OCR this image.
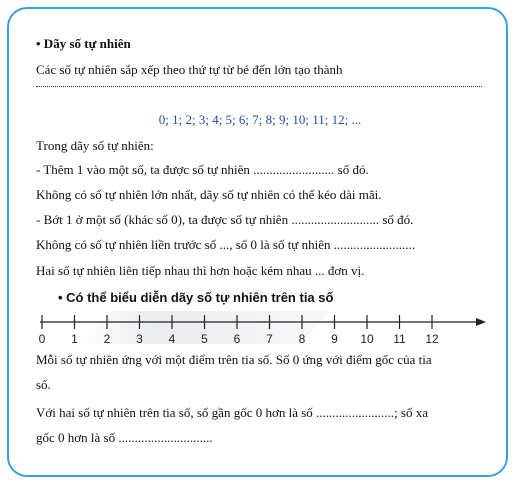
• Dãy số tự nhiên
Các số tự nhiên sắp xếp theo thứ tự từ bé đến lớn tạo thành
0; 1; 2; 3; 4; 5; 6; 7; 8; 9; 10; 11; 12; ...
Trong dãy số tự nhiên:
- Thêm 1 vào một số, ta được số tự nhiên ......................... số đó.
Không có số tự nhiên lớn nhất, dãy số tự nhiên có thể kéo dài mãi.
- Bớt 1 ở một số (khác số 0), ta được số tự nhiên ........................... số đó.
Không có số tự nhiên liền trước số ..., số 0 là số tự nhiên .........................
Hai số tự nhiên liên tiếp nhau thì hơn hoặc kém nhau ... đơn vị.
• Có thể biểu diễn dãy số tự nhiên trên tia số
0 1 2 3 4 5 6 7 8 9 10 11 12
Mỗi số tự nhiên ứng với một điểm trên tia số. Số 0 ứng với điểm gốc của tia
số.
Với hai số tự nhiên trên tia số, số gần gốc 0 hơn là số ........................; số xa
gốc 0 hơn là số .............................
